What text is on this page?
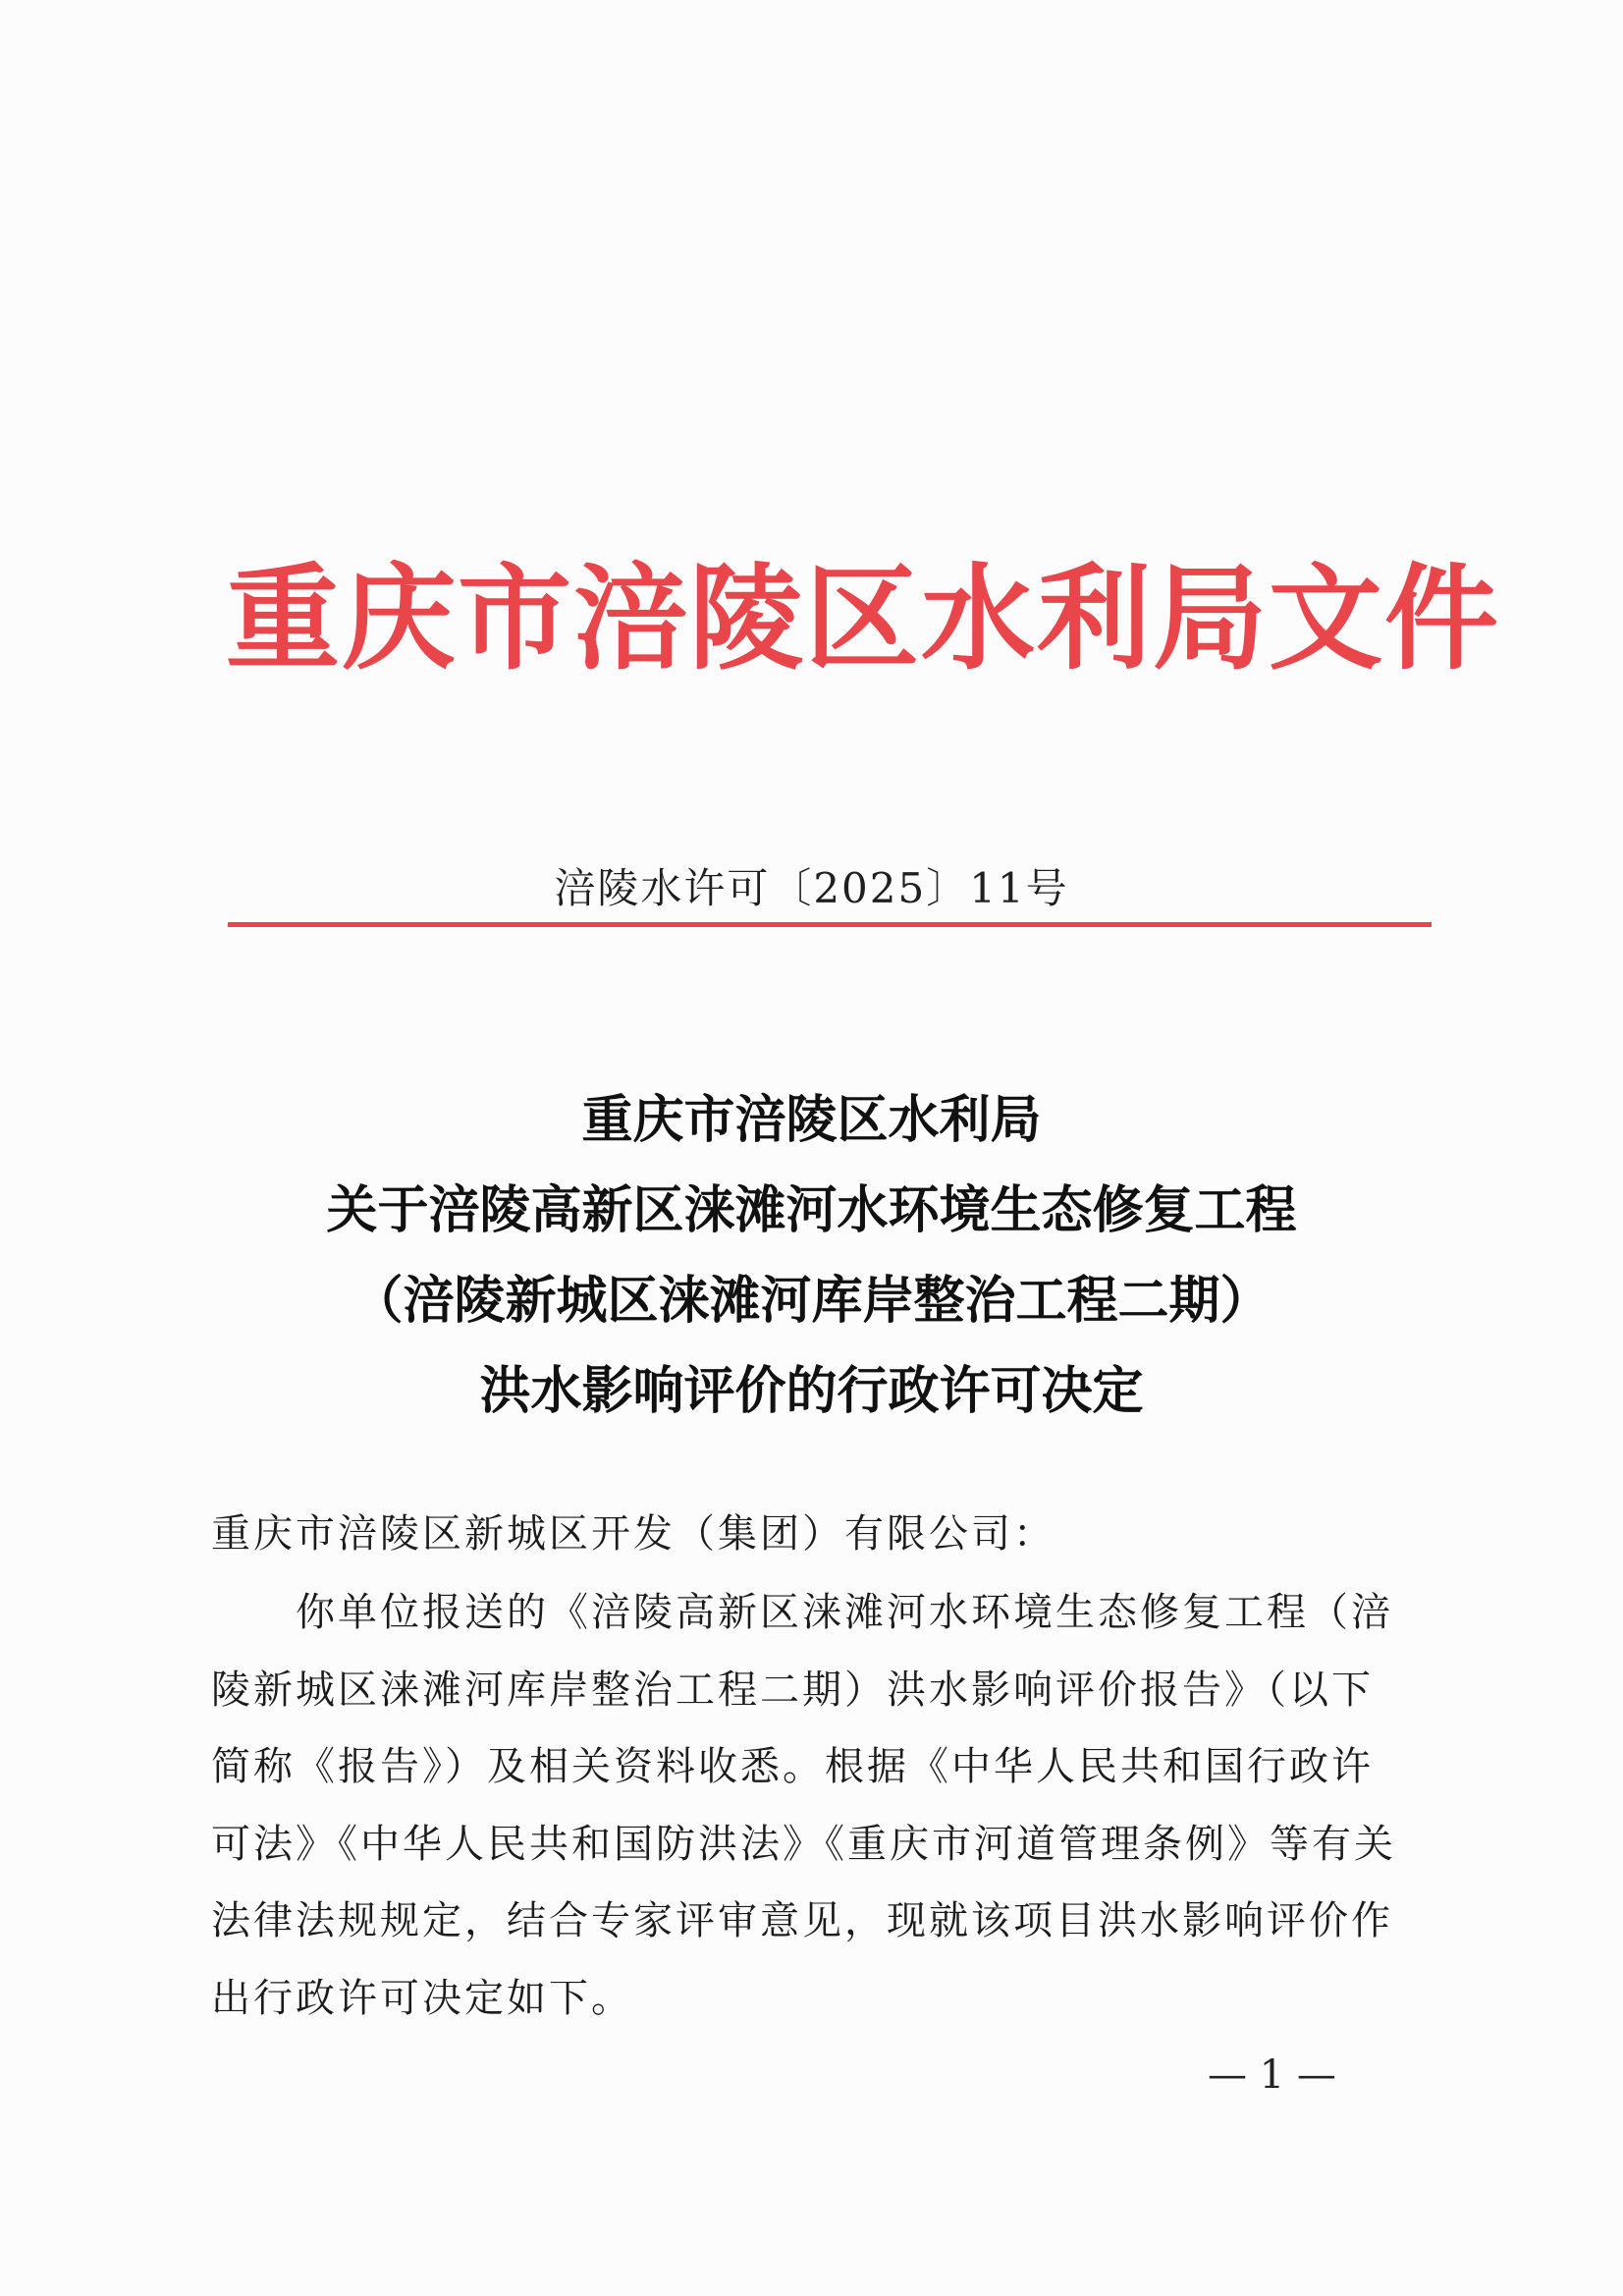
重庆市涪陵区水利局文件
涪陵水许可〔2025〕11号
重庆市涪陵区水利局
关于涪陵高新区涞滩河水环境生态修复工程
（涪陵新城区涞滩河库岸整治工程二期）
洪水影响评价的行政许可决定
重庆市涪陵区新城区开发（集团）有限公司：
你单位报送的《涪陵高新区涞滩河水环境生态修复工程（涪
陵新城区涞滩河库岸整治工程二期）洪水影响评价报告》（以下
简称《报告》）及相关资料收悉。根据《中华人民共和国行政许
可法》《中华人民共和国防洪法》《重庆市河道管理条例》等有关
法律法规规定，结合专家评审意见，现就该项目洪水影响评价作
出行政许可决定如下。
— 1 —
